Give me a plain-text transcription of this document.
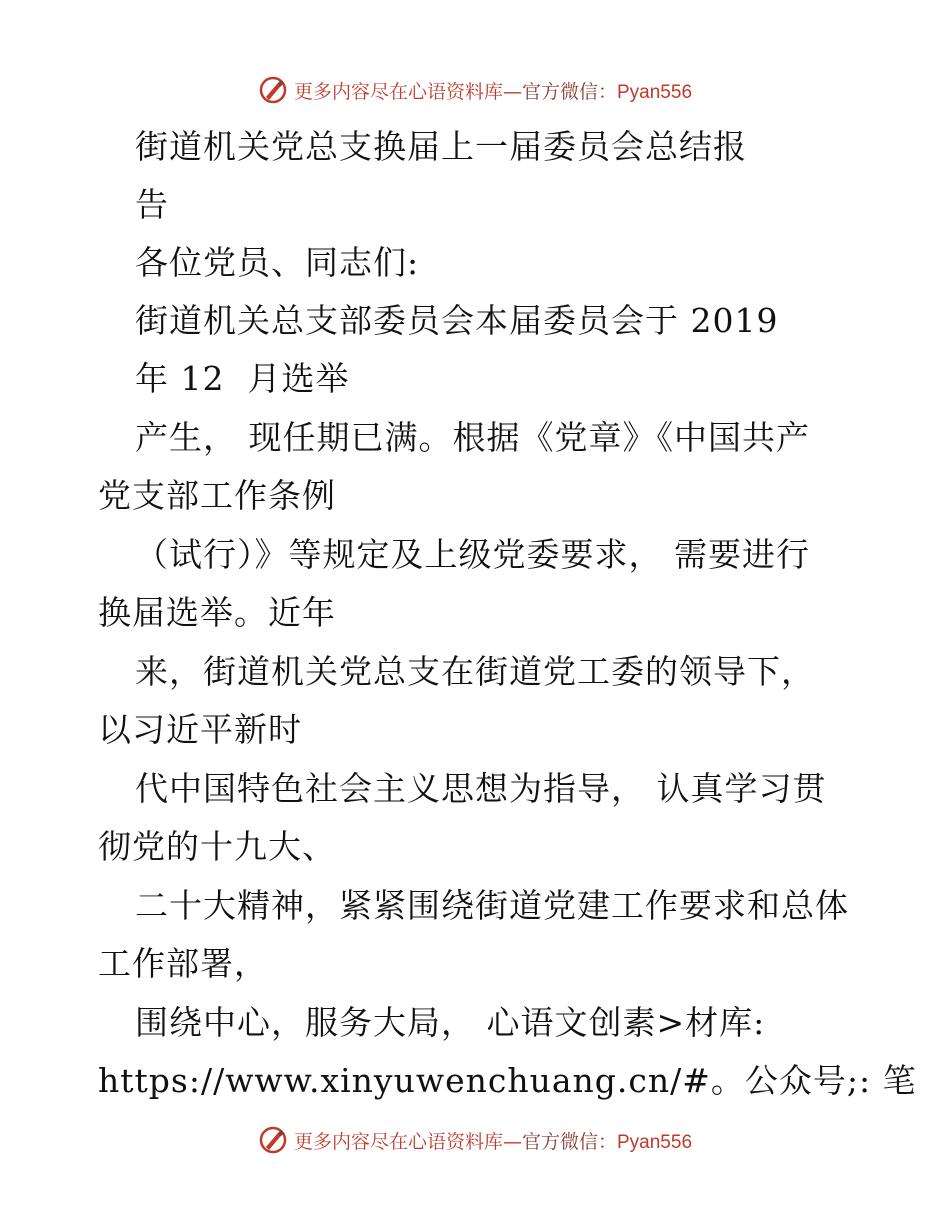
更多内容尽在心语资料库—官方微信：Pyan556
街道机关党总支换届上一届委员会总结报
告
各位党员、同志们:
街道机关总支部委员会本届委员会于 2019
年 12  月选举
产生， 现任期已满。根据《党章》《中国共产
党支部工作条例
（试行）》等规定及上级党委要求， 需要进行
换届选举。近年
来，街道机关党总支在街道党工委的领导下，
以习近平新时
代中国特色社会主义思想为指导， 认真学习贯
彻党的十九大、
二十大精神，紧紧围绕街道党建工作要求和总体
工作部署，
围绕中心，服务大局， 心语文创素>材库:
https://www.xinyuwenchuang.cn/#。公众号;: 笔
更多内容尽在心语资料库—官方微信：Pyan556
